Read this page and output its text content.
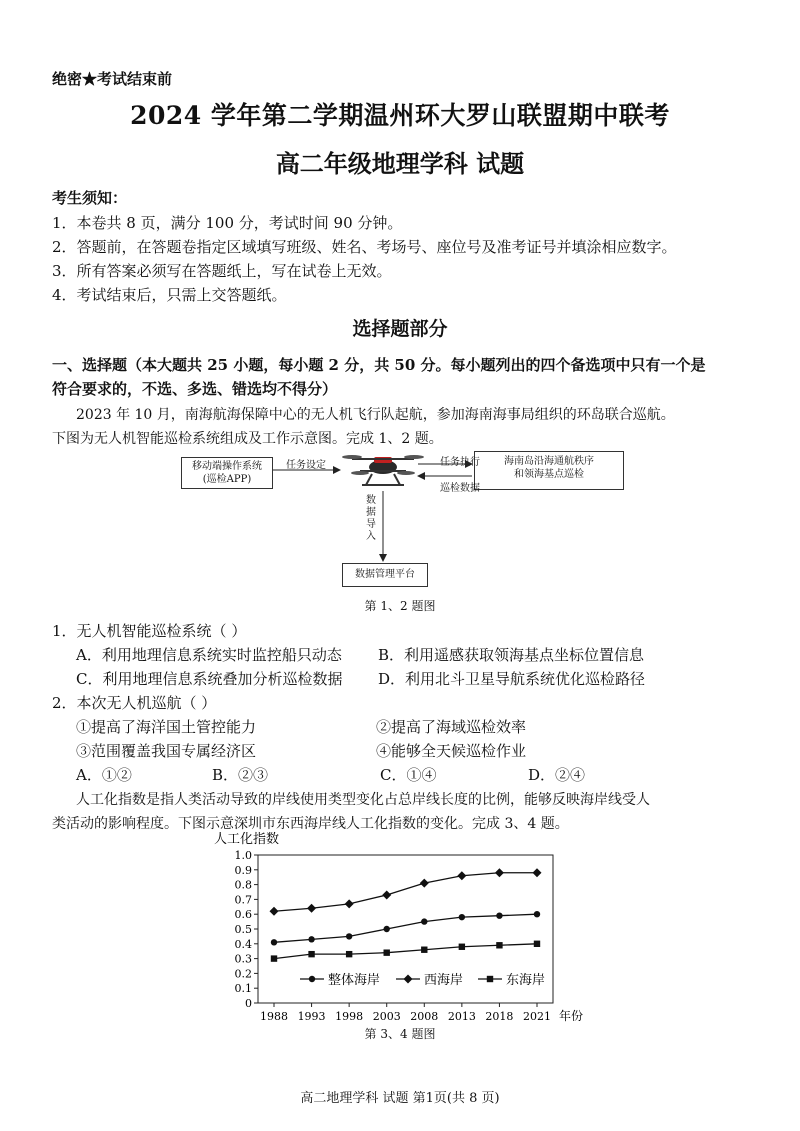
绝密★考试结束前
2024 学年第二学期温州环大罗山联盟期中联考
高二年级地理学科 试题
考生须知：
1．本卷共 8 页，满分 100 分，考试时间 90 分钟。
2．答题前，在答题卷指定区域填写班级、姓名、考场号、座位号及准考证号并填涂相应数字。
3．所有答案必须写在答题纸上，写在试卷上无效。
4．考试结束后，只需上交答题纸。
选择题部分
一、选择题（本大题共 25 小题，每小题 2 分，共 50 分。每小题列出的四个备选项中只有一个是
符合要求的，不选、多选、错选均不得分）
2023 年 10 月，南海航海保障中心的无人机飞行队起航，参加海南海事局组织的环岛联合巡航。
下图为无人机智能巡检系统组成及工作示意图。完成 1、2 题。
移动端操作系统
(巡检APP)
海南岛沿海通航秩序
和领海基点巡检
数据管理平台
任务设定	任务执行
巡检数据
数据导入
第 1、2 题图
1．无人机智能巡检系统（ ）
A．利用地理信息系统实时监控船只动态 B．利用遥感获取领海基点坐标位置信息
C．利用地理信息系统叠加分析巡检数据 D．利用北斗卫星导航系统优化巡检路径
2．本次无人机巡航（ ）
①提高了海洋国土管控能力	②提高了海域巡检效率
③范围覆盖我国专属经济区	④能够全天候巡检作业
A．①②	B．②③	C．①④	D．②④
人工化指数是指人类活动导致的岸线使用类型变化占总岸线长度的比例，能够反映海岸线受人
类活动的影响程度。下图示意深圳市东西海岸线人工化指数的变化。完成 3、4 题。
0
0.1
0.2
0.3
0.4
0.5
0.6
0.7
0.8
0.9
1.0
人工化指数
1988 1993 1998 2003 2008 2013 2018 2021 年份
整体海岸	西海岸	东海岸
第 3、4 题图
高二地理学科 试题 第1页(共 8 页)
